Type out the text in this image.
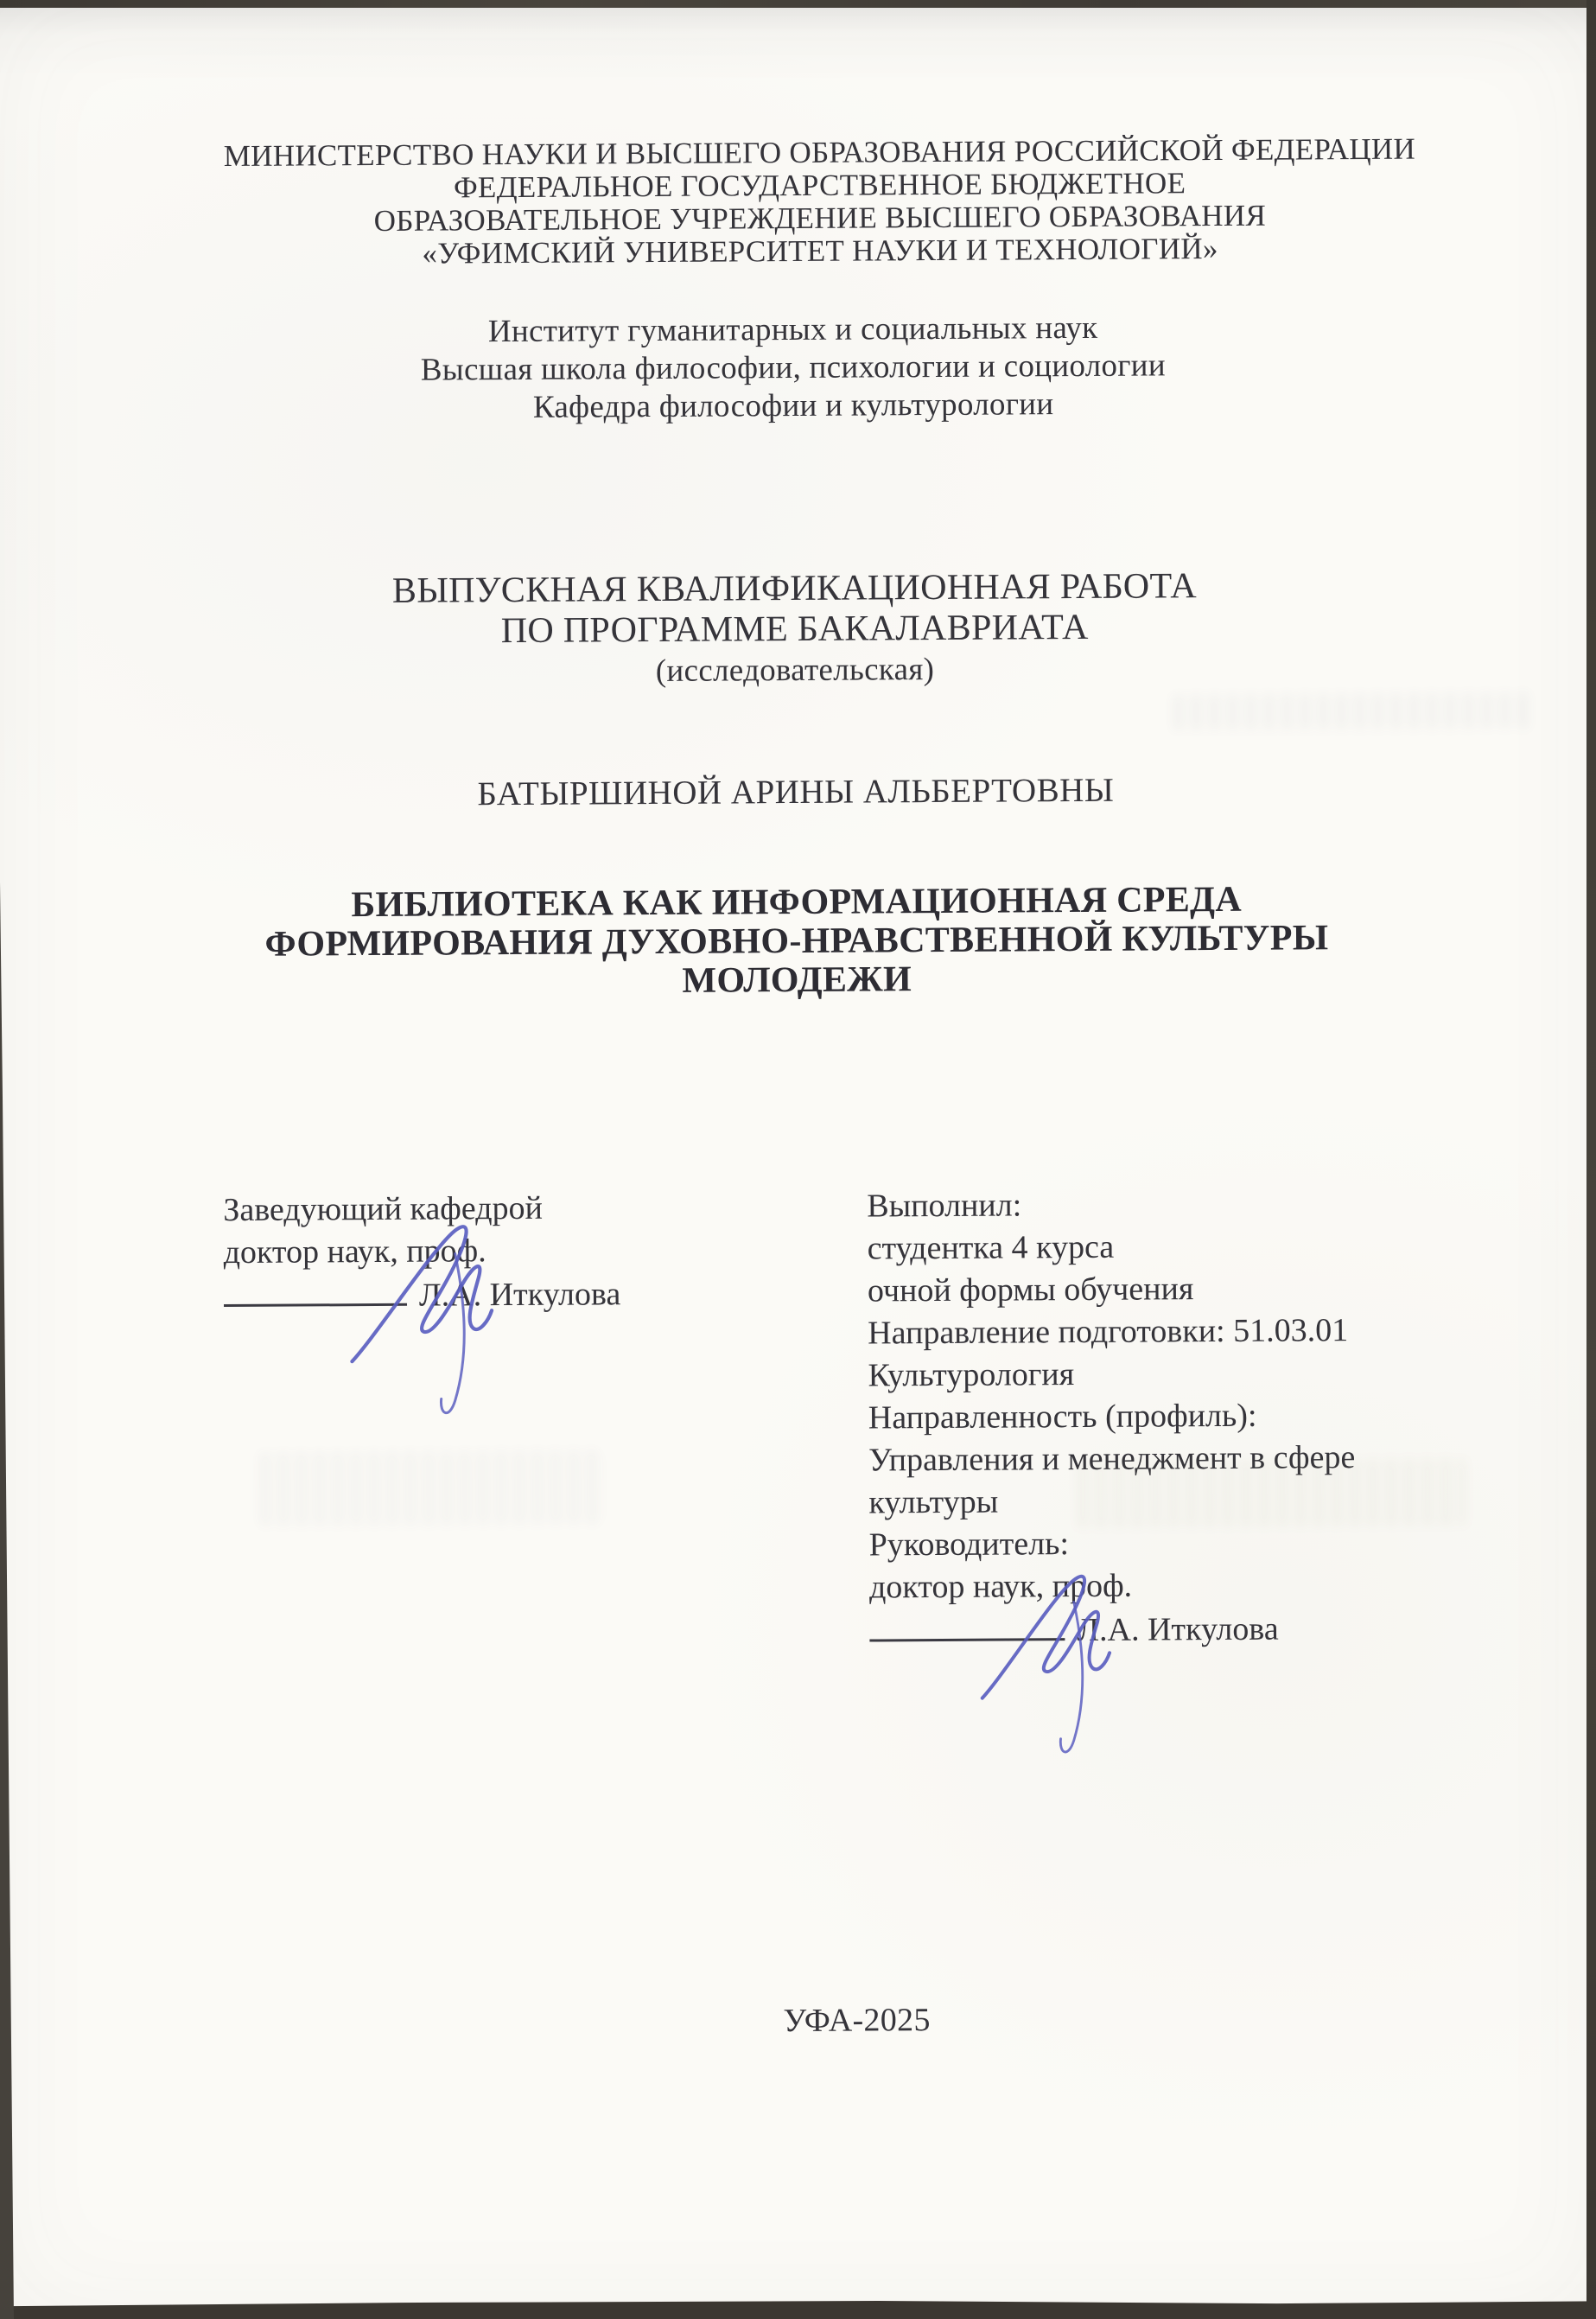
МИНИСТЕРСТВО НАУКИ И ВЫСШЕГО ОБРАЗОВАНИЯ РОССИЙСКОЙ ФЕДЕРАЦИИ
ФЕДЕРАЛЬНОЕ ГОСУДАРСТВЕННОЕ БЮДЖЕТНОЕ
ОБРАЗОВАТЕЛЬНОЕ УЧРЕЖДЕНИЕ ВЫСШЕГО ОБРАЗОВАНИЯ
«УФИМСКИЙ УНИВЕРСИТЕТ НАУКИ И ТЕХНОЛОГИЙ»
Институт гуманитарных и социальных наук
Высшая школа философии, психологии и социологии
Кафедра философии и культурологии
ВЫПУСКНАЯ КВАЛИФИКАЦИОННАЯ РАБОТА
ПО ПРОГРАММЕ БАКАЛАВРИАТА
(исследовательская)
БАТЫРШИНОЙ АРИНЫ АЛЬБЕРТОВНЫ
БИБЛИОТЕКА КАК ИНФОРМАЦИОННАЯ СРЕДА
ФОРМИРОВАНИЯ ДУХОВНО-НРАВСТВЕННОЙ КУЛЬТУРЫ
МОЛОДЕЖИ
Заведующий кафедрой
доктор наук, проф.
Л.А. Иткулова
Выполнил:
студентка 4 курса
очной формы обучения
Направление подготовки: 51.03.01
Культурология
Направленность (профиль):
Управления и менеджмент в сфере
культуры
Руководитель:
доктор наук, проф.
Л.А. Иткулова
УФА-2025
